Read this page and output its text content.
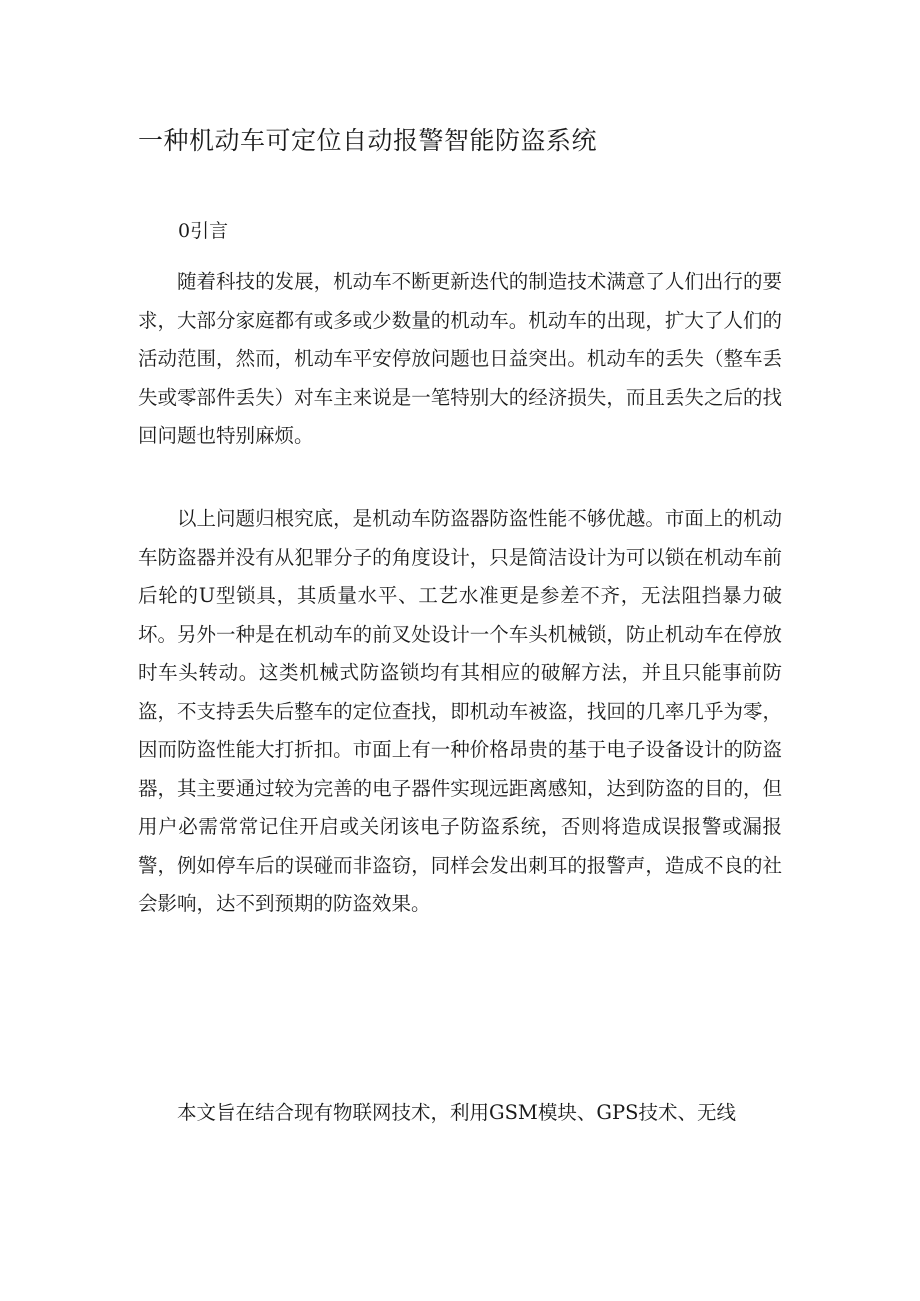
一种机动车可定位自动报警智能防盗系统
0引言

随着科技的发展，机动车不断更新迭代的制造技术满意了人们出行的要求，大部分家庭都有或多或少数量的机动车。机动车的出现，扩大了人们的活动范围，然而，机动车平安停放问题也日益突出。机动车的丢失（整车丢失或零部件丢失）对车主来说是一笔特别大的经济损失，而且丢失之后的找回问题也特别麻烦。

以上问题归根究底，是机动车防盗器防盗性能不够优越。市面上的机动车防盗器并没有从犯罪分子的角度设计，只是简洁设计为可以锁在机动车前后轮的U型锁具，其质量水平、工艺水准更是参差不齐，无法阻挡暴力破坏。另外一种是在机动车的前叉处设计一个车头机械锁，防止机动车在停放时车头转动。这类机械式防盗锁均有其相应的破解方法，并且只能事前防盗，不支持丢失后整车的定位查找，即机动车被盗，找回的几率几乎为零，因而防盗性能大打折扣。市面上有一种价格昂贵的基于电子设备设计的防盗器，其主要通过较为完善的电子器件实现远距离感知，达到防盗的目的，但用户必需常常记住开启或关闭该电子防盗系统，否则将造成误报警或漏报警，例如停车后的误碰而非盗窃，同样会发出刺耳的报警声，造成不良的社会影响，达不到预期的防盗效果。

本文旨在结合现有物联网技术，利用GSM模块、GPS技术、无线
